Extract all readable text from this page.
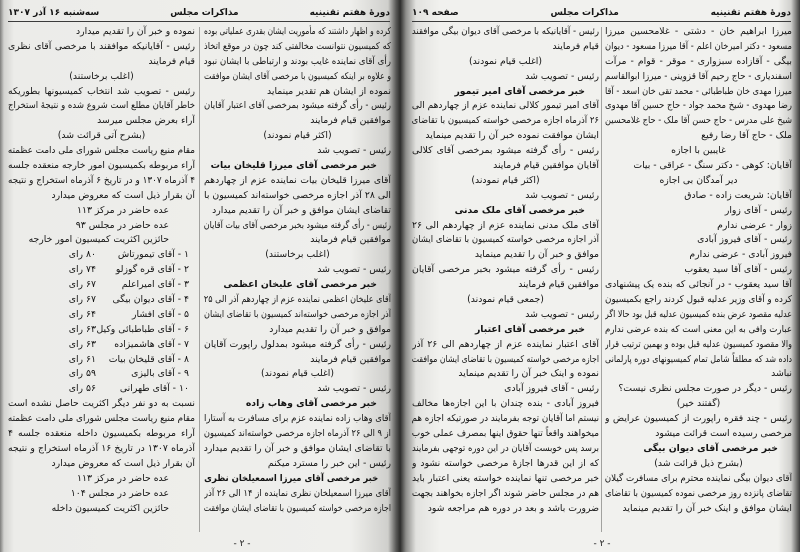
دورهٔ هفتم تقنینیه
مذاکرات مجلس
سه‌شنبه ۱۶ آذر ۱۳۰۷
کرده و اظهار داشتند که مأموریت ایشان بقدری عملیاتی بوده
که کمیسیون نتوانست مخالفتی کند چون در موقع اتخاذ
رأی آقای نماینده غایب بودند و ارتباطی با ایشان نبود
و علاوه بر اینکه کمیسیون با مرخصی آقای ایشان موافقت
نموده از ایشان هم تقدیر مینماید
رئیس - رأی گرفته میشود بمرخصی آقای اعتبار آقایان
موافقین قیام فرمایند
(اکثر قیام نمودند)
رئیس - تصویب شد
خبر مرخصی آقای میرزا قلیخان بیات
آقای میرزا قلیخان بیات نماینده عزم از چهاردهم
الی ۲۸ آذر اجازه مرخصی خواسته‌اند کمیسیون با
تقاضای ایشان موافق و خبر آن را تقدیم میدارد
رئیس - رأی گرفته میشود بخبر مرخصی آقای بیات آقایان
موافقین قیام فرمایند
(اغلب برخاستند)
رئیس - تصویب شد
خبر مرخصی آقای علیخان اعظمی
آقای علیخان اعظمی نماینده عزم از چهاردهم آذر الی ۲۵
آذر اجازه مرخصی خواسته‌اند کمیسیون با تقاضای ایشان
موافق و خبر آن را تقدیم میدارد
رئیس - رأی گرفته میشود بمدلول راپورت آقایان
موافقین قیام فرمایند
(اغلب قیام نمودند)
رئیس - تصویب شد
خبر مرخصی آقای وهاب زاده
آقای وهاب زاده نماینده عزم برای مسافرت به آستارا
از ۹ الی ۲۶ آذرماه اجازه مرخصی خواسته‌اند کمیسیون
با تقاضای ایشان موافق و خبر آن را تقدیم میدارد
رئیس - این خبر را مسترد میکنم
خبر مرخصی آقای میرزا اسمعیلخان نظری
آقای میرزا اسمعیلخان نظری نماینده از ۱۴ الی ۲۶ آذر
اجازه مرخصی خواسته کمیسیون با تقاضای ایشان موافقت
نموده و خبر آن را تقدیم میدارد
رئیس - آقایانیکه موافقند با مرخصی آقای نظری
قیام فرمایند
(اغلب برخاستند)
رئیس - تصویب شد انتخاب کمیسیونها بطوریکه
خاطر آقایان مطلع است شروع شده و نتیجهٔ استخراج
آراء بعرض مجلس میرسد
(بشرح آتی قرائت شد)
مقام منیع ریاست مجلس شورای ملی دامت عظمته
آراء مربوطه بکمیسیون امور خارجه منعقده جلسه
۴ آذرماه ۱۳۰۷ و در تاریخ ۶ آذرماه استخراج و نتیجه
آن بقرار ذیل است که معروض میدارد
عده حاضر در مرکز ۱۱۳
عده حاضر در مجلس ۹۳
حائزین اکثریت کمیسیون امور خارجه
۱ - آقای تیمورتاش
۸۰ رای
۲ - آقای قره گوزلو
۷۴ رای
۳ - آقای امیراعلم
۶۷ رای
۴ - آقای دیوان بیگی
۶۷ رای
۵ - آقای افشار
۶۴ رای
۶ - آقای طباطبائی وکیل
۶۳ رای
۷ - آقای هاشمیزاده
۶۳ رای
۸ - آقای قلیخان بیات
۶۱ رای
۹ - آقای بالیزی
۵۹ رای
۱۰ - آقای طهرانی
۵۶ رای
نسبت به دو نفر دیگر اکثریت حاصل نشده است
مقام منیع ریاست مجلس شورای ملی دامت عظمته
آراء مربوطه بکمیسیون داخله منعقده جلسه ۴
آذرماه ۱۳۰۷ در تاریخ ۱۶ آذرماه استخراج و نتیجه
آن بقرار ذیل است که معروض میدارد
عده حاضر در مرکز ۱۱۳
عده حاضر در مجلس ۱۰۴
حائزین اکثریت کمیسیون داخله
- ۲ -
دورهٔ هفتم تقنینیه
مذاکرات مجلس
صفحه ۱۰۹
میرزا ابراهیم خان - دشتی - غلامحسین میرزا
مسعود - دکتر امیرخان اعلم - آقا میرزا مسعود - دیوان
بیگی - آقازاده سبزواری - موقر - قوام - مرآت
اسفندیاری - حاج رحیم آقا قزوینی - میرزا ابوالقاسم
میرزا مهدی خان طباطبائی - محمد تقی خان اسعد - آقا
رضا مهدوی - شیخ محمد جواد - حاج حسین آقا مهدوی
شیخ علی مدرس - حاج حسن آقا ملک - حاج غلامحسین
ملک - حاج آقا رضا رفیع
غایبین با اجازه
آقایان: کوهی - دکتر سنگ - عراقی - بیات
دیر آمدگان بی اجازه
آقایان: شریعت زاده - صادق
رئیس - آقای زوار
زوار - عرضی ندارم
رئیس - آقای فیروز آبادی
فیروز آبادی - عرضی ندارم
رئیس - آقای آقا سید یعقوب
آقا سید یعقوب - در آنجائی که بنده یک پیشنهادی
کرده و آقای وزیر عدلیه قبول کردند راجع بکمیسیون
عدلیه مقصود عرض بنده کمیسیون عدلیه قبل بود حالا اگر
عبارت وافی به این معنی است که بنده عرضی ندارم
والا مقصود کمیسیون عدلیه قبل بوده و بهمین ترتیب قرار
داده شد که مطلقاً شامل تمام کمیسیونهای دوره پارلمانی
نباشد
رئیس - دیگر در صورت مجلس نظری نیست؟
(گفتند خیر)
رئیس - چند فقره راپورت از کمیسیون عرایض و
مرخصی رسیده است قرائت میشود
خبر مرخصی آقای دیوان بیگی
(بشرح ذیل قرائت شد)
آقای دیوان بیگی نماینده محترم برای مسافرت گیلان
تقاضای پانزده روز مرخصی نموده کمیسیون با تقاضای
ایشان موافق و اینک خبر آن را تقدیم مینماید
رئیس - آقایانیکه با مرخصی آقای دیوان بیگی موافقند
قیام فرمایند
(اغلب قیام نمودند)
رئیس - تصویب شد
خبر مرخصی آقای امیر تیمور
آقای امیر تیمور کلالی نماینده عزم از چهاردهم الی
۲۶ آذرماه اجازه مرخصی خواسته کمیسیون با تقاضای
ایشان موافقت نموده خبر آن را تقدیم مینماید
رئیس - رأی گرفته میشود بمرخصی آقای کلالی
آقایان موافقین قیام فرمایند
(اکثر قیام نمودند)
رئیس - تصویب شد
خبر مرخصی آقای ملک مدنی
آقای ملک مدنی نماینده عزم از چهاردهم الی ۲۶
آذر اجازه مرخصی خواسته کمیسیون با تقاضای ایشان
موافق و خبر آن را تقدیم مینماید
رئیس - رأی گرفته میشود بخبر مرخصی آقایان
موافقین قیام فرمایند
(جمعی قیام نمودند)
رئیس - تصویب شد
خبر مرخصی آقای اعتبار
آقای اعتبار نماینده عزم از چهاردهم الی ۲۶ آذر
اجازه مرخصی خواسته کمیسیون با تقاضای ایشان موافقت
نموده و اینک خبر آن را تقدیم مینماید
رئیس - آقای فیروز آبادی
فیروز آبادی - بنده چندان با این اجازه‌ها مخالف
نیستم اما آقایان توجه بفرمایند در صورتیکه اجازه هم
میخواهند واقعاً تنها حقوق اینها بمصرف عملی خوب
برسد پس خوبست آقایان در این دوره توجهی بفرمایند
که از این قدرها اجازهٔ مرخصی خواسته نشود و
خبر مرخصی تنها نماینده خواسته یعنی اعتبار باید
هم در مجلس حاضر شوند اگر اجازه بخواهند بجهت
ضرورت باشد و بعد در دوره هم مراجعه شود
- ۲ -
